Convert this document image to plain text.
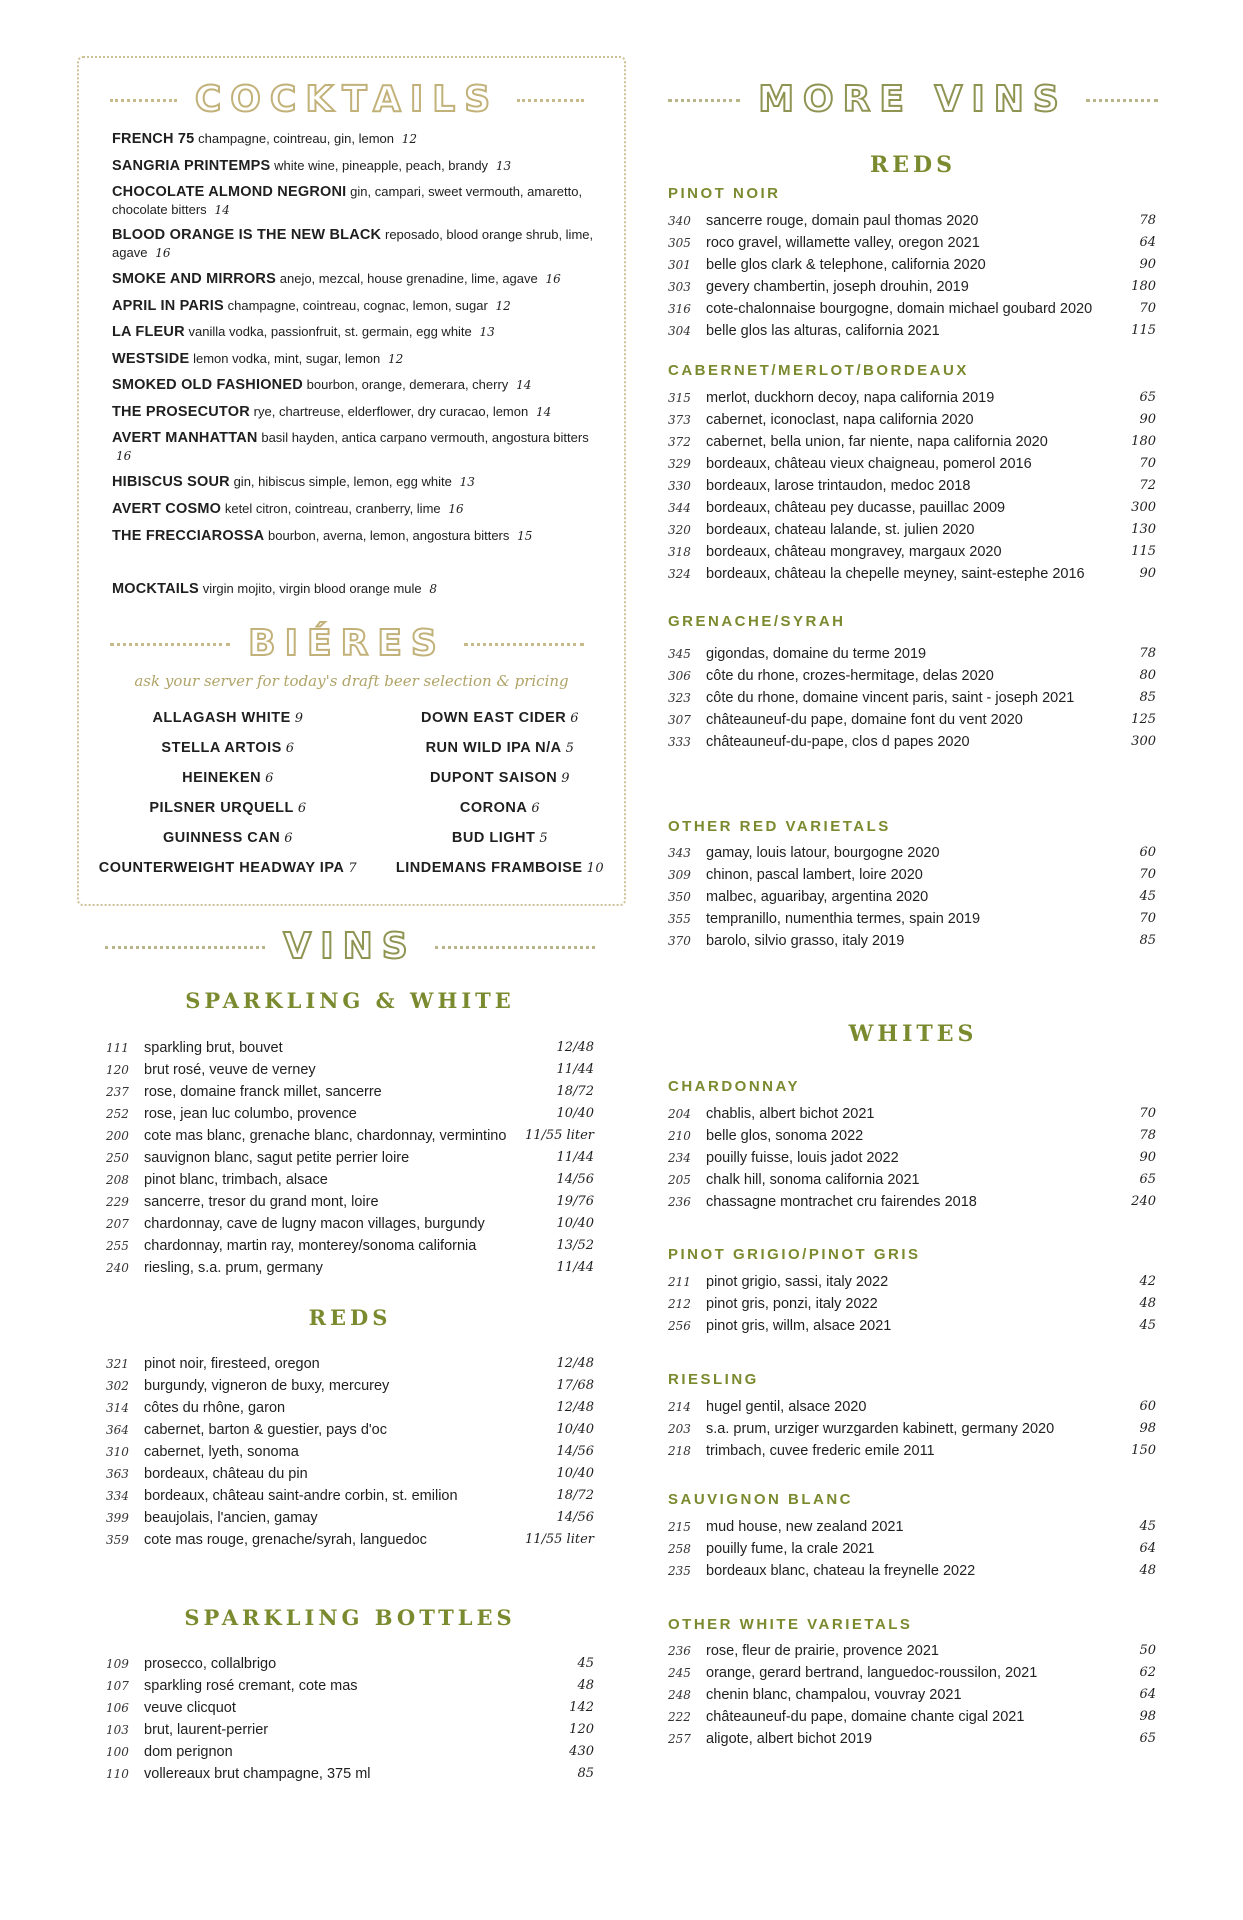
COCKTAILS
FRENCH 75 champagne, cointreau, gin, lemon 12
SANGRIA PRINTEMPS white wine, pineapple, peach, brandy 13
CHOCOLATE ALMOND NEGRONI gin, campari, sweet vermouth, amaretto, chocolate bitters 14
BLOOD ORANGE IS THE NEW BLACK reposado, blood orange shrub, lime, agave 16
SMOKE AND MIRRORS anejo, mezcal, house grenadine, lime, agave 16
APRIL IN PARIS champagne, cointreau, cognac, lemon, sugar 12
LA FLEUR vanilla vodka, passionfruit, st. germain, egg white 13
WESTSIDE lemon vodka, mint, sugar, lemon 12
SMOKED OLD FASHIONED bourbon, orange, demerara, cherry 14
THE PROSECUTOR rye, chartreuse, elderflower, dry curacao, lemon 14
AVERT MANHATTAN basil hayden, antica carpano vermouth, angostura bitters 16
HIBISCUS SOUR gin, hibiscus simple, lemon, egg white 13
AVERT COSMO ketel citron, cointreau, cranberry, lime 16
THE FRECCIAROSSA bourbon, averna, lemon, angostura bitters 15
MOCKTAILS virgin mojito, virgin blood orange mule 8
BIÉRES
ask your server for today's draft beer selection & pricing
ALLAGASH WHITE 9	DOWN EAST CIDER 6
STELLA ARTOIS 6	RUN WILD IPA N/A 5
HEINEKEN 6	DUPONT SAISON 9
PILSNER URQUELL 6	CORONA 6
GUINNESS CAN 6	BUD LIGHT 5
COUNTERWEIGHT HEADWAY IPA 7	LINDEMANS FRAMBOISE 10
VINS
SPARKLING & WHITE
111 sparkling brut, bouvet	12/48
120 brut rosé, veuve de verney	11/44
237 rose, domaine franck millet, sancerre	18/72
252 rose, jean luc columbo, provence	10/40
200 cote mas blanc, grenache blanc, chardonnay, vermintino 11/55 liter
250 sauvignon blanc, sagut petite perrier loire	11/44
208 pinot blanc, trimbach, alsace	14/56
229 sancerre, tresor du grand mont, loire	19/76
207 chardonnay, cave de lugny macon villages, burgundy	10/40
255 chardonnay, martin ray, monterey/sonoma california	13/52
240 riesling, s.a. prum, germany	11/44
REDS
321 pinot noir, firesteed, oregon	12/48
302 burgundy, vigneron de buxy, mercurey	17/68
314 côtes du rhône, garon	12/48
364 cabernet, barton & guestier, pays d'oc	10/40
310 cabernet, lyeth, sonoma	14/56
363 bordeaux, château du pin	10/40
334 bordeaux, château saint-andre corbin, st. emilion	18/72
399 beaujolais, l'ancien, gamay	14/56
359 cote mas rouge, grenache/syrah, languedoc	11/55 liter
SPARKLING BOTTLES
109 prosecco, collalbrigo	45
107 sparkling rosé cremant, cote mas	48
106 veuve clicquot	142
103 brut, laurent-perrier	120
100 dom perignon	430
110 vollereaux brut champagne, 375 ml	85
MORE VINS
REDS
PINOT NOIR
340 sancerre rouge, domain paul thomas 2020	78
305 roco gravel, willamette valley, oregon 2021	64
301 belle glos clark & telephone, california 2020	90
303 gevery chambertin, joseph drouhin, 2019	180
316 cote-chalonnaise bourgogne, domain michael goubard 2020	70
304 belle glos las alturas, california 2021	115
CABERNET/MERLOT/BORDEAUX
315 merlot, duckhorn decoy, napa california 2019	65
373 cabernet, iconoclast, napa california 2020	90
372 cabernet, bella union, far niente, napa california 2020	180
329 bordeaux, château vieux chaigneau, pomerol 2016	70
330 bordeaux, larose trintaudon, medoc 2018	72
344 bordeaux, château pey ducasse, pauillac 2009	300
320 bordeaux, chateau lalande, st. julien 2020	130
318 bordeaux, château mongravey, margaux 2020	115
324 bordeaux, château la chepelle meyney, saint-estephe 2016	90
GRENACHE/SYRAH
345 gigondas, domaine du terme 2019	78
306 côte du rhone, crozes-hermitage, delas 2020	80
323 côte du rhone, domaine vincent paris, saint - joseph 2021	85
307 châteauneuf-du pape, domaine font du vent 2020	125
333 châteauneuf-du-pape, clos d papes 2020	300
OTHER RED VARIETALS
343 gamay, louis latour, bourgogne 2020	60
309 chinon, pascal lambert, loire 2020	70
350 malbec, aguaribay, argentina 2020	45
355 tempranillo, numenthia termes, spain 2019	70
370 barolo, silvio grasso, italy 2019	85
WHITES
CHARDONNAY
204 chablis, albert bichot 2021	70
210 belle glos, sonoma 2022	78
234 pouilly fuisse, louis jadot 2022	90
205 chalk hill, sonoma california 2021	65
236 chassagne montrachet cru fairendes 2018	240
PINOT GRIGIO/PINOT GRIS
211 pinot grigio, sassi, italy 2022	42
212 pinot gris, ponzi, italy 2022	48
256 pinot gris, willm, alsace 2021	45
RIESLING
214 hugel gentil, alsace 2020	60
203 s.a. prum, urziger wurzgarden kabinett, germany 2020	98
218 trimbach, cuvee frederic emile 2011	150
SAUVIGNON BLANC
215 mud house, new zealand 2021	45
258 pouilly fume, la crale 2021	64
235 bordeaux blanc, chateau la freynelle 2022	48
OTHER WHITE VARIETALS
236 rose, fleur de prairie, provence 2021	50
245 orange, gerard bertrand, languedoc-roussilon, 2021	62
248 chenin blanc, champalou, vouvray 2021	64
222 châteauneuf-du pape, domaine chante cigal 2021	98
257 aligote, albert bichot 2019	65
